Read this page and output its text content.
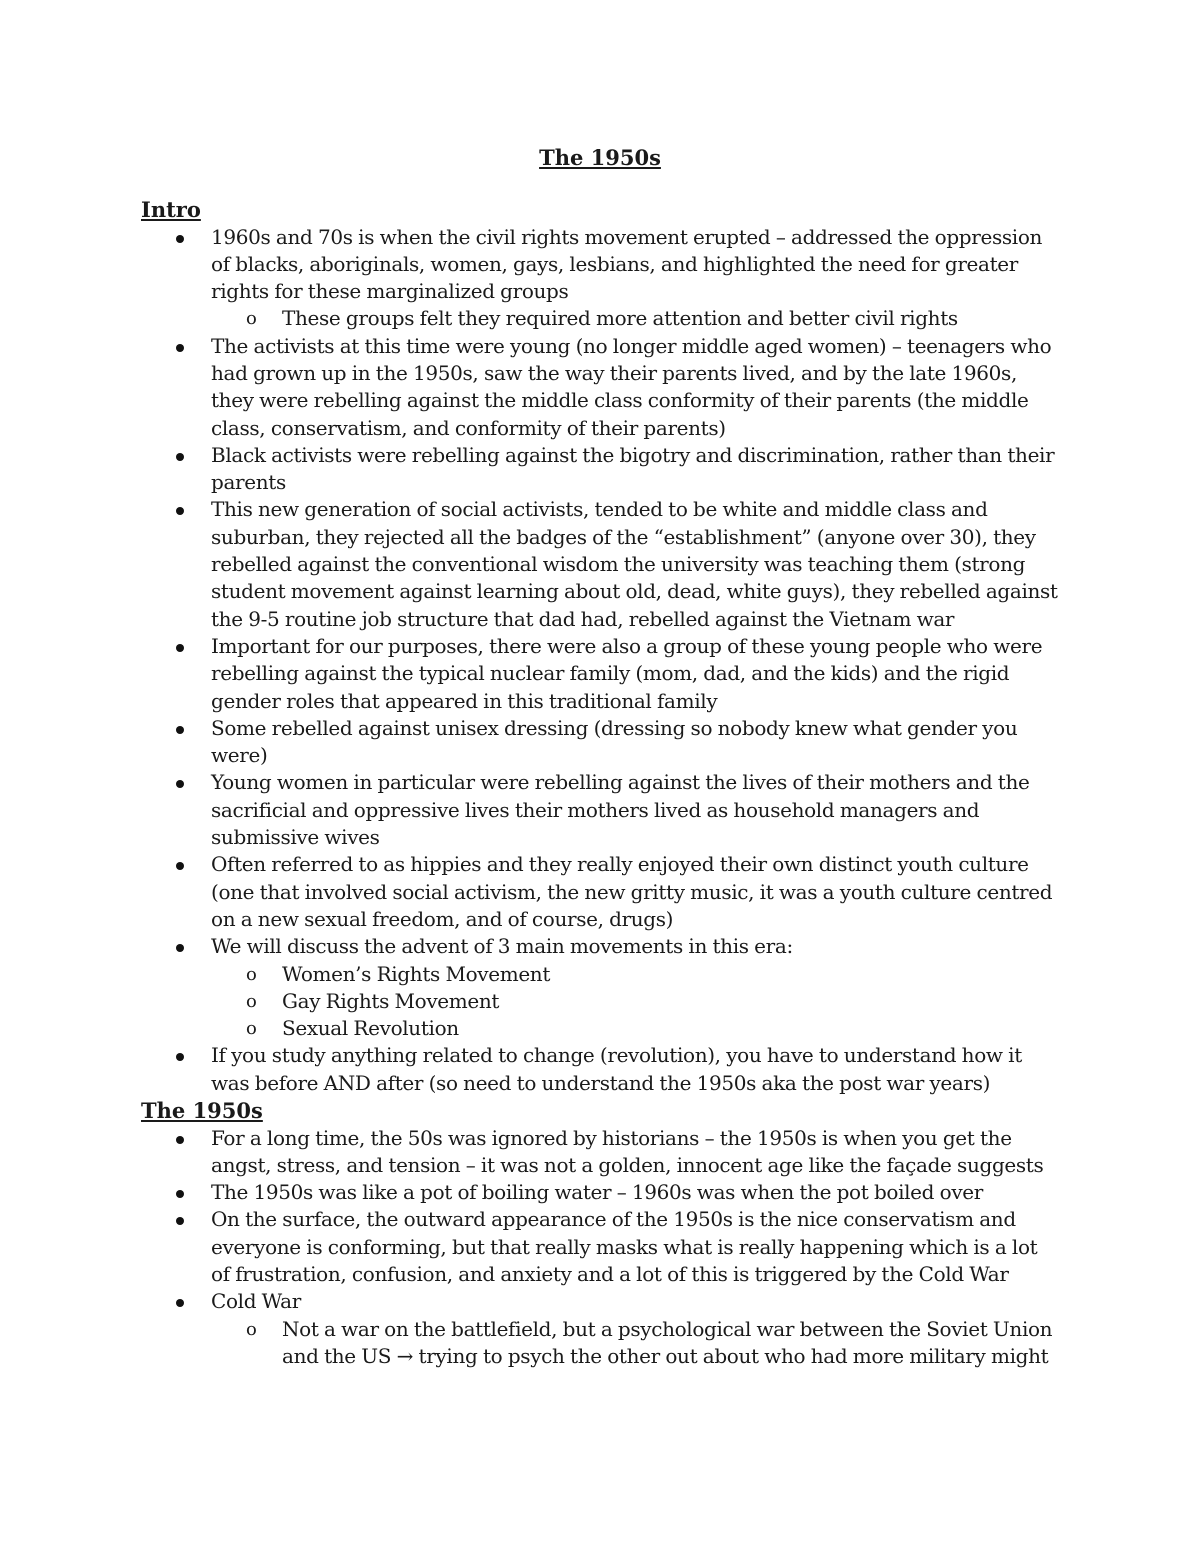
The 1950s
Intro
1960s and 70s is when the civil rights movement erupted – addressed the oppression of blacks, aboriginals, women, gays, lesbians, and highlighted the need for greater rights for these marginalized groups
o These groups felt they required more attention and better civil rights
The activists at this time were young (no longer middle aged women) – teenagers who had grown up in the 1950s, saw the way their parents lived, and by the late 1960s, they were rebelling against the middle class conformity of their parents (the middle class, conservatism, and conformity of their parents)
Black activists were rebelling against the bigotry and discrimination, rather than their parents
This new generation of social activists, tended to be white and middle class and suburban, they rejected all the badges of the “establishment” (anyone over 30), they rebelled against the conventional wisdom the university was teaching them (strong student movement against learning about old, dead, white guys), they rebelled against the 9-5 routine job structure that dad had, rebelled against the Vietnam war
Important for our purposes, there were also a group of these young people who were rebelling against the typical nuclear family (mom, dad, and the kids) and the rigid gender roles that appeared in this traditional family
Some rebelled against unisex dressing (dressing so nobody knew what gender you were)
Young women in particular were rebelling against the lives of their mothers and the sacrificial and oppressive lives their mothers lived as household managers and submissive wives
Often referred to as hippies and they really enjoyed their own distinct youth culture (one that involved social activism, the new gritty music, it was a youth culture centred on a new sexual freedom, and of course, drugs)
We will discuss the advent of 3 main movements in this era:
o Women’s Rights Movement
o Gay Rights Movement
o Sexual Revolution
If you study anything related to change (revolution), you have to understand how it was before AND after (so need to understand the 1950s aka the post war years)
The 1950s
For a long time, the 50s was ignored by historians – the 1950s is when you get the angst, stress, and tension – it was not a golden, innocent age like the façade suggests
The 1950s was like a pot of boiling water – 1960s was when the pot boiled over
On the surface, the outward appearance of the 1950s is the nice conservatism and everyone is conforming, but that really masks what is really happening which is a lot of frustration, confusion, and anxiety and a lot of this is triggered by the Cold War
Cold War
o Not a war on the battlefield, but a psychological war between the Soviet Union and the US → trying to psych the other out about who had more military might
